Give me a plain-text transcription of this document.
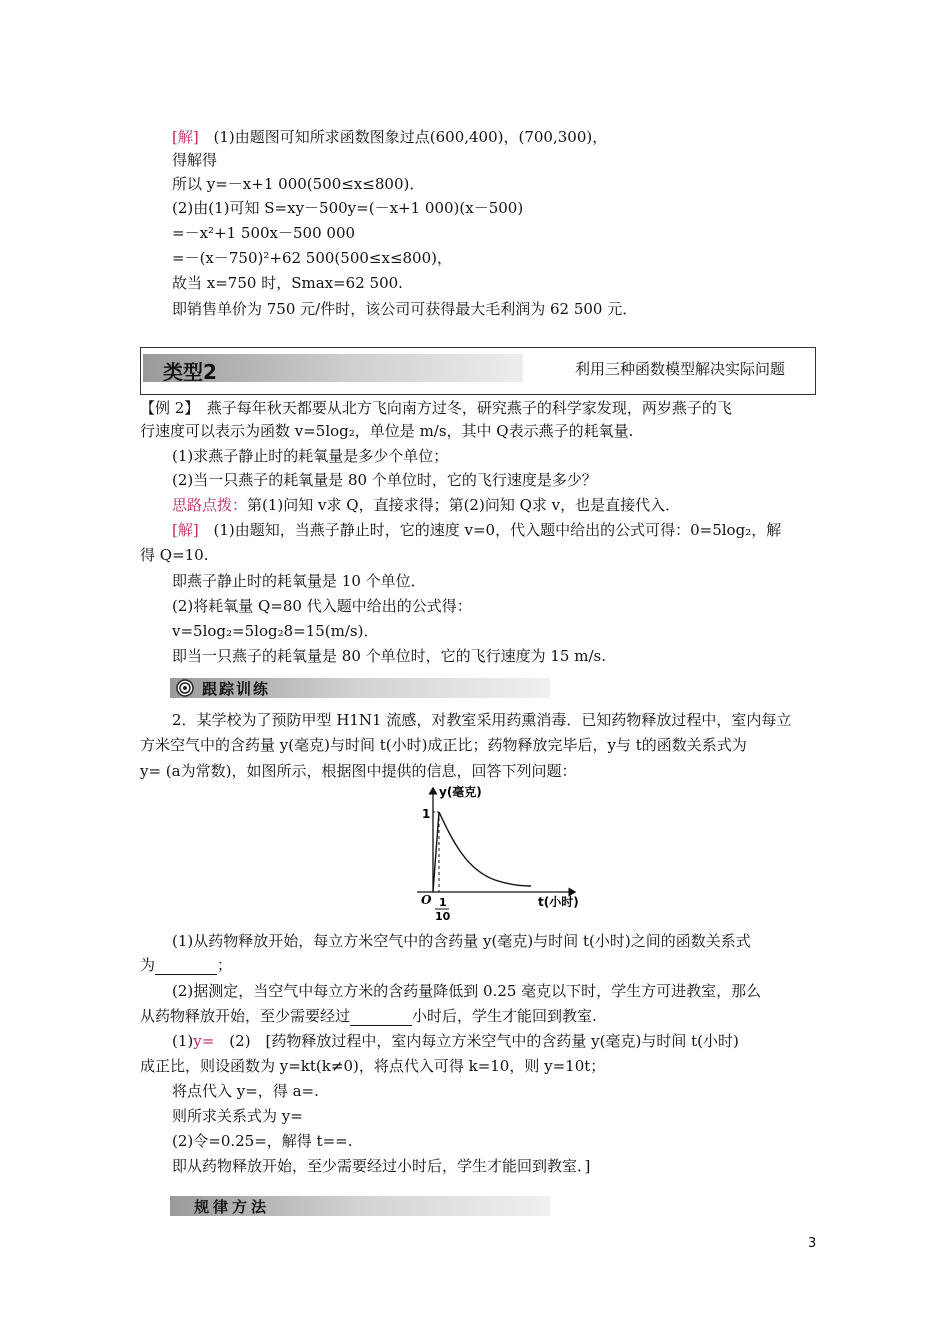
[解] (1)由题图可知所求函数图象过点(600,400)，(700,300)，
得解得
所以 y=－x+1 000(500≤x≤800)．
(2)由(1)可知 S=xy－500y=(－x+1 000)(x－500)
=－x²+1 500x－500 000
=－(x－750)²+62 500(500≤x≤800)，
故当 x=750 时，Smax=62 500.
即销售单价为 750 元/件时，该公司可获得最大毛利润为 62 500 元．
类型2	利用三种函数模型解决实际问题
【例 2】　燕子每年秋天都要从北方飞向南方过冬，研究燕子的科学家发现，两岁燕子的飞
行速度可以表示为函数 v=5log₂，单位是 m/s，其中 Q表示燕子的耗氧量.
(1)求燕子静止时的耗氧量是多少个单位；
(2)当一只燕子的耗氧量是 80 个单位时，它的飞行速度是多少？
思路点拨：第(1)问知 v求 Q，直接求得；第(2)问知 Q求 v，也是直接代入．
[解] (1)由题知，当燕子静止时，它的速度 v=0，代入题中给出的公式可得：0=5log₂，解
得 Q=10.
即燕子静止时的耗氧量是 10 个单位．
(2)将耗氧量 Q=80 代入题中给出的公式得：
v=5log₂=5log₂8=15(m/s)．
即当一只燕子的耗氧量是 80 个单位时，它的飞行速度为 15 m/s.
跟踪训练
2．某学校为了预防甲型 H1N1 流感，对教室采用药熏消毒．已知药物释放过程中，室内每立
方米空气中的含药量 y(毫克)与时间 t(小时)成正比；药物释放完毕后，y与 t的函数关系式为
y= (a为常数)，如图所示，根据图中提供的信息，回答下列问题：
y(毫克)
t(小时)
O
1
1
10
(1)从药物释放开始，每立方米空气中的含药量 y(毫克)与时间 t(小时)之间的函数关系式
为	；
(2)据测定，当空气中每立方米的含药量降低到 0.25 毫克以下时，学生方可进教室，那么
从药物释放开始，至少需要经过	小时后，学生才能回到教室.
(1)y=　(2)　[药物释放过程中，室内每立方米空气中的含药量 y(毫克)与时间 t(小时)
成正比，则设函数为 y=kt(k≠0)，将点代入可得 k=10，则 y=10t；
将点代入 y=，得 a=.
则所求关系式为 y=
(2)令=0.25=，解得 t==.
即从药物释放开始，至少需要经过小时后，学生才能回到教室．]
规律方法
3
